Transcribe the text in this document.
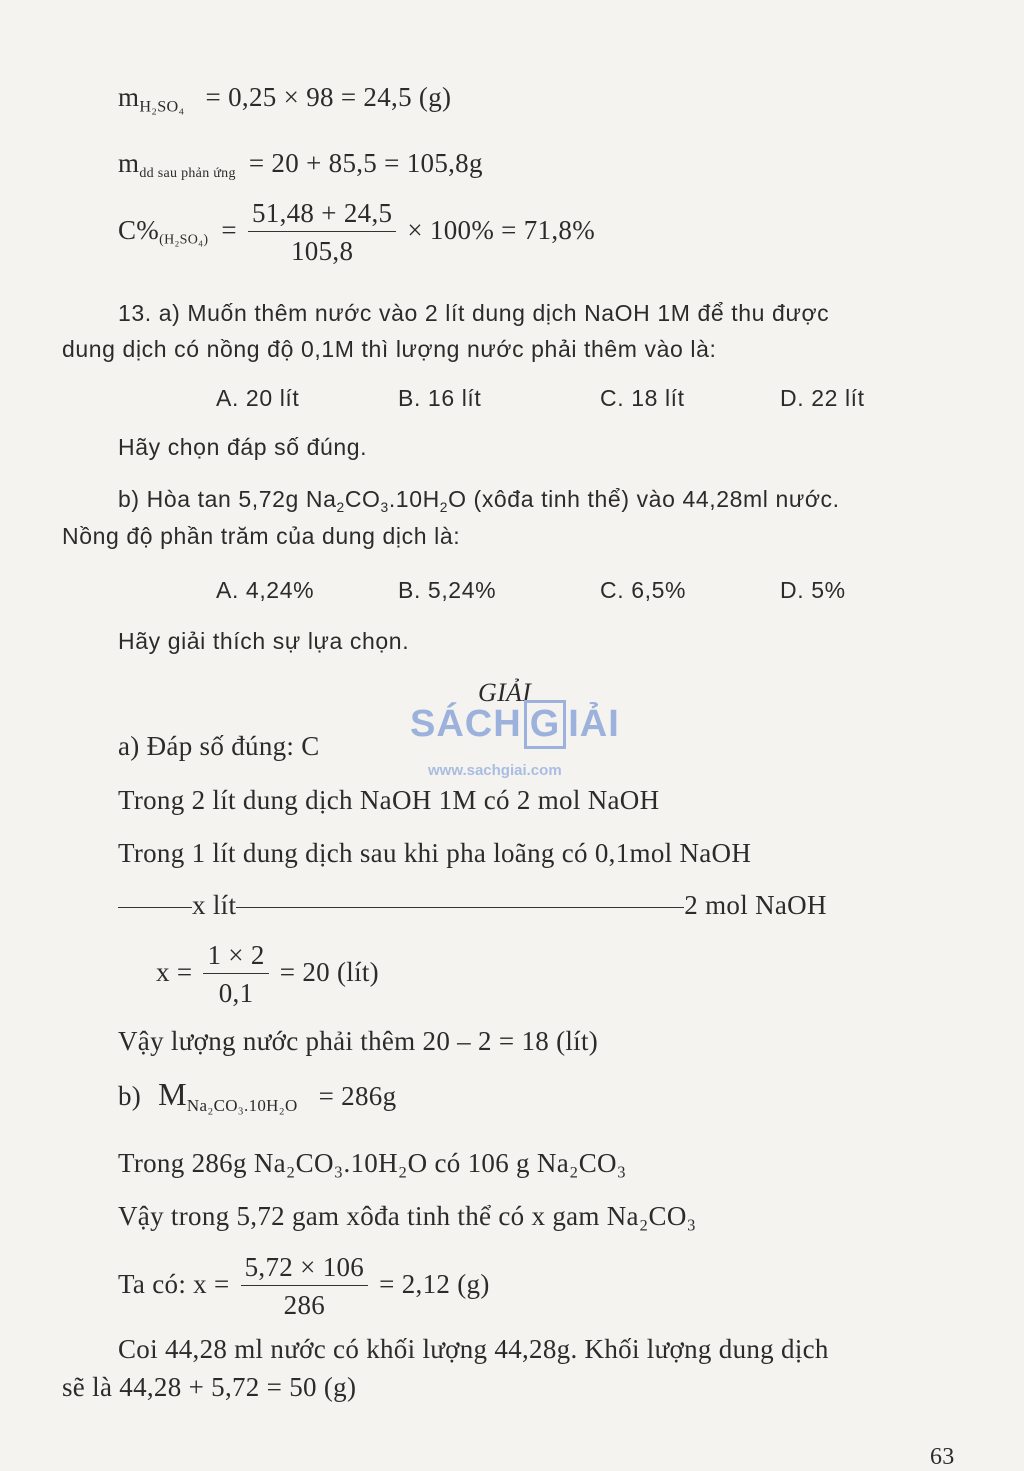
$m_{H_2SO_4} = 0,25 \times 98 = 24,5$ (g)
$m_{dd sau phản ứng} = 20 + 85,5 = 105,8g$
$C\%_{(H_2SO_4)} = \frac{51,48 + 24,5}{105,8} \times 100\% = 71,8\%$
13. a) Muốn thêm nước vào 2 lít dung dịch NaOH 1M để thu được
dung dịch có nồng độ 0,1M thì lượng nước phải thêm vào là:
A. 20 lít	B. 16 lít	C. 18 lít	D. 22 lít
Hãy chọn đáp số đúng.
b) Hòa tan 5,72g $Na_2CO_3.10H_2O$ (xôđa tinh thể) vào 44,28ml nước.
Nồng độ phần trăm của dung dịch là:
A. 4,24%	B. 5,24%	C. 6,5%	D. 5%
Hãy giải thích sự lựa chọn.
GIẢI
SÁCH G IẢI
www.sachgiai.com
a) Đáp số đúng: C
Trong 2 lít dung dịch NaOH 1M có 2 mol NaOH
Trong 1 lít dung dịch sau khi pha loãng có 0,1mol NaOH
x lít	2 mol NaOH
$x = \frac{1 \times 2}{0,1} = 20$ (lít)
Vậy lượng nước phải thêm 20 – 2 = 18 (lít)
b) $M_{Na_2CO_3.10H_2O} = 286g$
Trong 286g Na₂CO₃.10H₂O có 106 g Na₂CO₃
Vậy trong 5,72 gam xôđa tinh thể có x gam Na₂CO₃
Ta có: $x = \frac{5,72 \times 106}{286} = 2,12$ (g)
Coi 44,28 ml nước có khối lượng 44,28g. Khối lượng dung dịch
sẽ là 44,28 + 5,72 = 50 (g)
63
